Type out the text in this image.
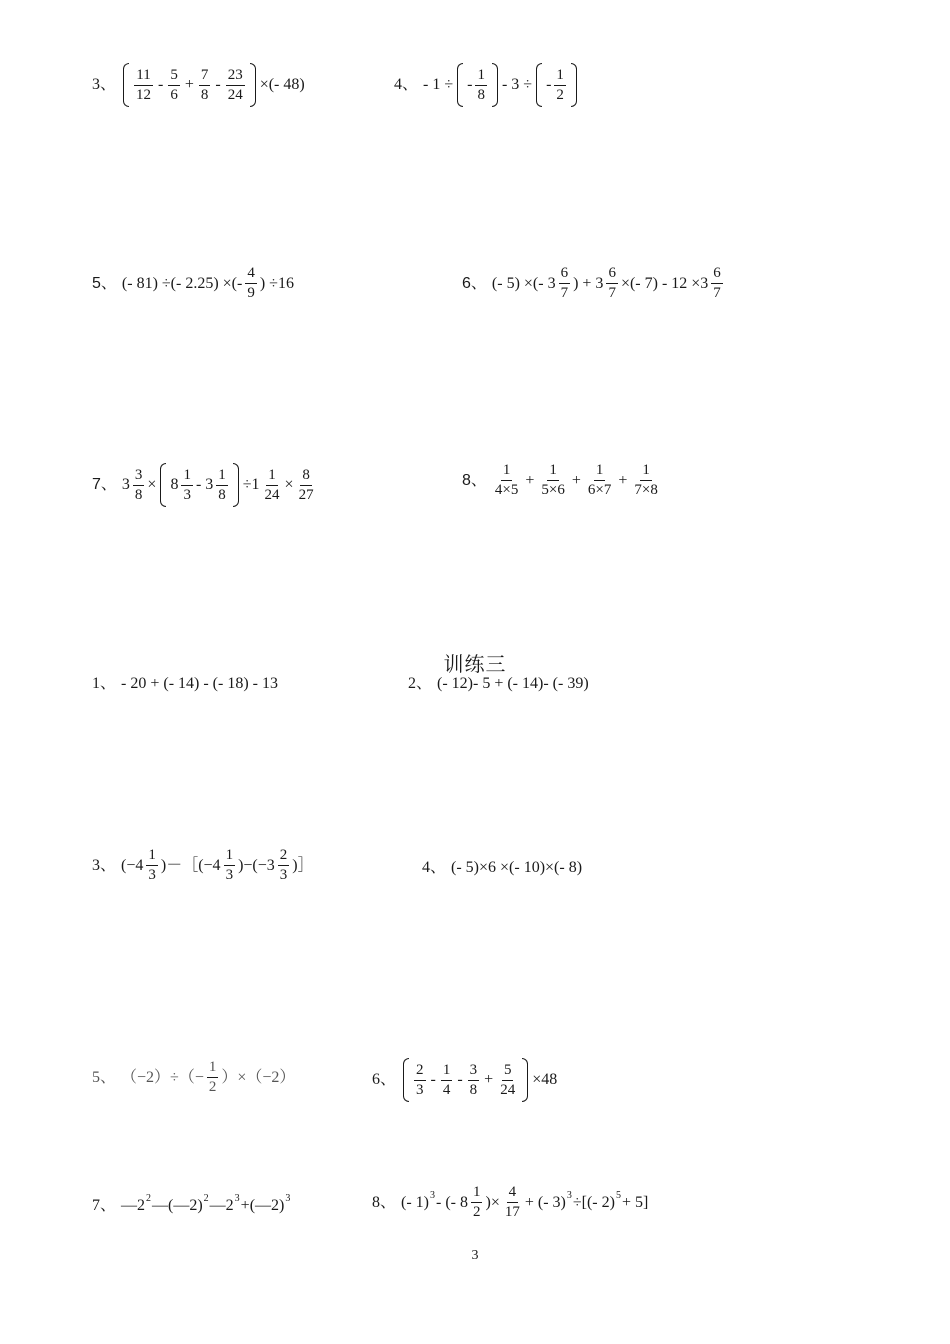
3、 $\frac{11}{12} - \frac{5}{6} + \frac{7}{8} - \frac{23}{24}$ ×(- 48)	4、 - 1 ÷ - $\frac{1}{8} - 3$ ÷ - $\frac{1}{2}$
5、 (- 81) ÷(- 2.25) ×(- $\frac{4}{9}$ ) ÷16	6、 (- 5) ×(- $3 \frac{6}{7}$ ) + $3 \frac{6}{7}$ ×(- $7) - 12 \times 3 \frac{6}{7}$
7、 $3 \frac{3}{8} \times 8 \frac{1}{3} - 3 \frac{1}{8} \div 1 \frac{1}{24} \times \frac{8}{27}$	8、 $\frac{1}{4\times 5} + \frac{1}{5\times 6} + \frac{1}{6\times 7} + \frac{1}{7\times 8}$
训练三
1、 - 20 + (- 14) - (- 18) - 13	2、 (- 12)- 5 + (- 14)- (- 39)
3、 ($-4 \frac{1}{3}$ )－［(−4 $\frac{1}{3} )-(-3 \frac{2}{3}$ )］	4、 (- 5)×6 ×(- 10)×(- 8)
5、 $(-2)\div(- \frac{1}{2} )\times(-2)$	6、 $\frac{2}{3} - \frac{1}{4} - \frac{3}{8} + \frac{5}{24} \times 48$
7、 —2 2 —(—2) 2 —2 3 +(—2) 3	8、 (- 1) 3 - (- $8 \frac{1}{2}$ )× $\frac{4}{17}$ + (- 3) 3 ÷[(- 2) 5 + 5]
3
